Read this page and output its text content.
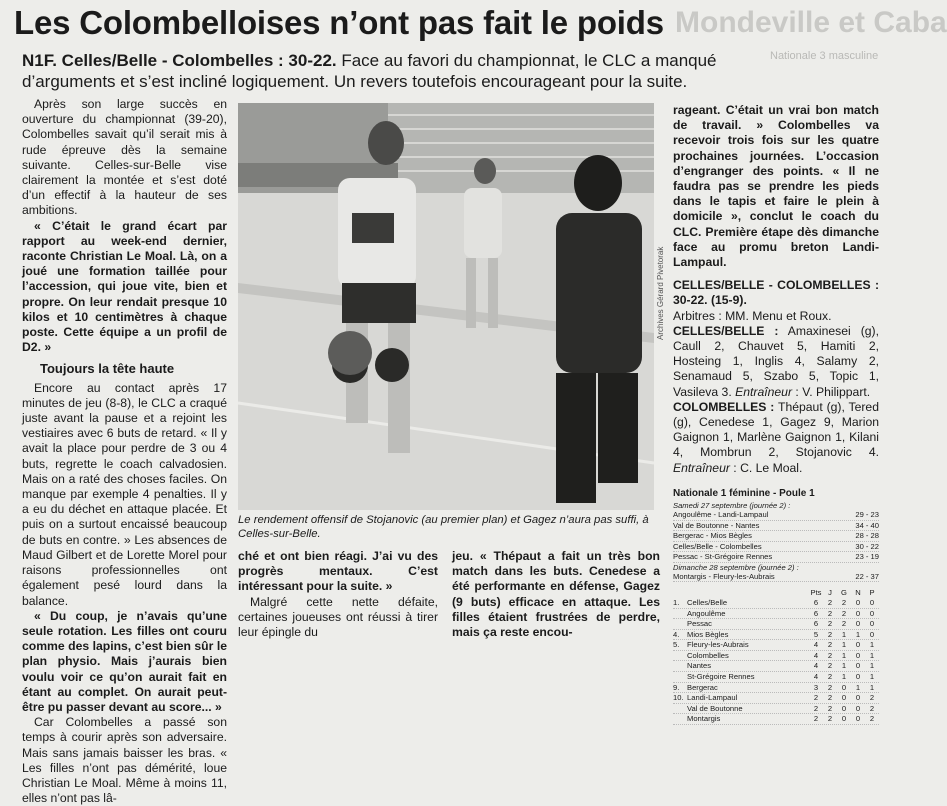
Les Colombelloises n’ont pas fait le poids Mondeville et Caba
Nationale 3 masculine
N1F. Celles/Belle - Colombelles : 30-22. Face au favori du championnat, le CLC a manqué d’arguments et s’est incliné logiquement. Un revers toutefois encourageant pour la suite.

Après son large succès en ouverture du championnat (39-20), Colombelles savait qu’il serait mis à rude épreuve dès la semaine suivante. Celles-sur-Belle vise clairement la montée et s’est doté d’un effectif à la hauteur de ses ambitions.

« C’était le grand écart par rapport au week-end dernier, raconte Christian Le Moal. Là, on a joué une formation taillée pour l’accession, qui joue vite, bien et propre. On leur rendait presque 10 kilos et 10 centimètres à chaque poste. Cette équipe a un profil de D2. »

Toujours la tête haute

Encore au contact après 17 minutes de jeu (8-8), le CLC a craqué juste avant la pause et a rejoint les vestiaires avec 6 buts de retard. « Il y avait la place pour perdre de 3 ou 4 buts, regrette le coach calvadosien. Mais on a raté des choses faciles. On manque par exemple 4 penalties. Il y a eu du déchet en attaque placée. Et puis on a surtout encaissé beaucoup de buts en contre. » Les absences de Maud Gilbert et de Lorette Morel pour raisons professionnelles ont également pesé lourd dans la balance.

« Du coup, je n’avais qu’une seule rotation. Les filles ont couru comme des lapins, c’est bien sûr le plan physio. Mais j’aurais bien voulu voir ce qu’on aurait fait en étant au complet. On aurait peut-être pu passer devant au score... »

Car Colombelles a passé son temps à courir après son adversaire. Mais sans jamais baisser les bras. « Les filles n’ont pas démérité, loue Christian Le Moal. Même à moins 11, elles n’ont pas lâ-

Archives Gérard Pivetorak
Le rendement offensif de Stojanovic (au premier plan) et Gagez n’aura pas suffi, à Celles-sur-Belle.

ché et ont bien réagi. J’ai vu des progrès mentaux. C’est intéressant pour la suite. »

Malgré cette nette défaite, certaines joueuses ont réussi à tirer leur épingle du

jeu. « Thépaut a fait un très bon match dans les buts. Cenedese a été performante en défense, Gagez (9 buts) efficace en attaque. Les filles étaient frustrées de perdre, mais ça reste encou-

rageant. C’était un vrai bon match de travail. » Colombelles va recevoir trois fois sur les quatre prochaines journées. L’occasion d’engranger des points. « Il ne faudra pas se prendre les pieds dans le tapis et faire le plein à domicile », conclut le coach du CLC. Première étape dès dimanche face au promu breton Landi-Lampaul.

CELLES/BELLE - COLOMBELLES : 30-22. (15-9).

Arbitres : MM. Menu et Roux.

CELLES/BELLE : Amaxinesei (g), Caull 2, Chauvet 5, Hamiti 2, Hosteing 1, Inglis 4, Salamy 2, Senamaud 5, Szabo 5, Topic 1, Vasileva 3. Entraîneur : V. Philippart.

COLOMBELLES : Thépaut (g), Tered (g), Cenedese 1, Gagez 9, Marion Gaignon 1, Marlène Gaignon 1, Kilani 4, Mombrun 2, Stojanovic 4. Entraîneur : C. Le Moal.

Nationale 1 féminine - Poule 1
Samedi 27 septembre (journée 2) :
Angoulême - Landi-Lampaul	29 - 23
Val de Boutonne - Nantes	34 - 40
Bergerac - Mios Bègles	28 - 28
Celles/Belle - Colombelles	30 - 22
Pessac - St-Grégoire Rennes	23 - 19
Dimanche 28 septembre (journée 2) :
Montargis - Fleury-les-Aubrais	22 - 37
Pts J	G	N	P
1. Celles/Belle	6	2	2	0	0
Angoulême	6	2	2	0	0
Pessac	6	2	2	0	0
4. Mios Bègles	5	2	1	1	0
5. Fleury-les-Aubrais	4	2	1	0	1
Colombelles	4	2	1	0	1
Nantes	4	2	1	0	1
St-Grégoire Rennes	4	2	1	0	1
9. Bergerac	3	2	0	1	1
10. Landi-Lampaul	2	2	0	0	2
Val de Boutonne	2	2	0	0	2
Montargis	2	2	0	0	2
